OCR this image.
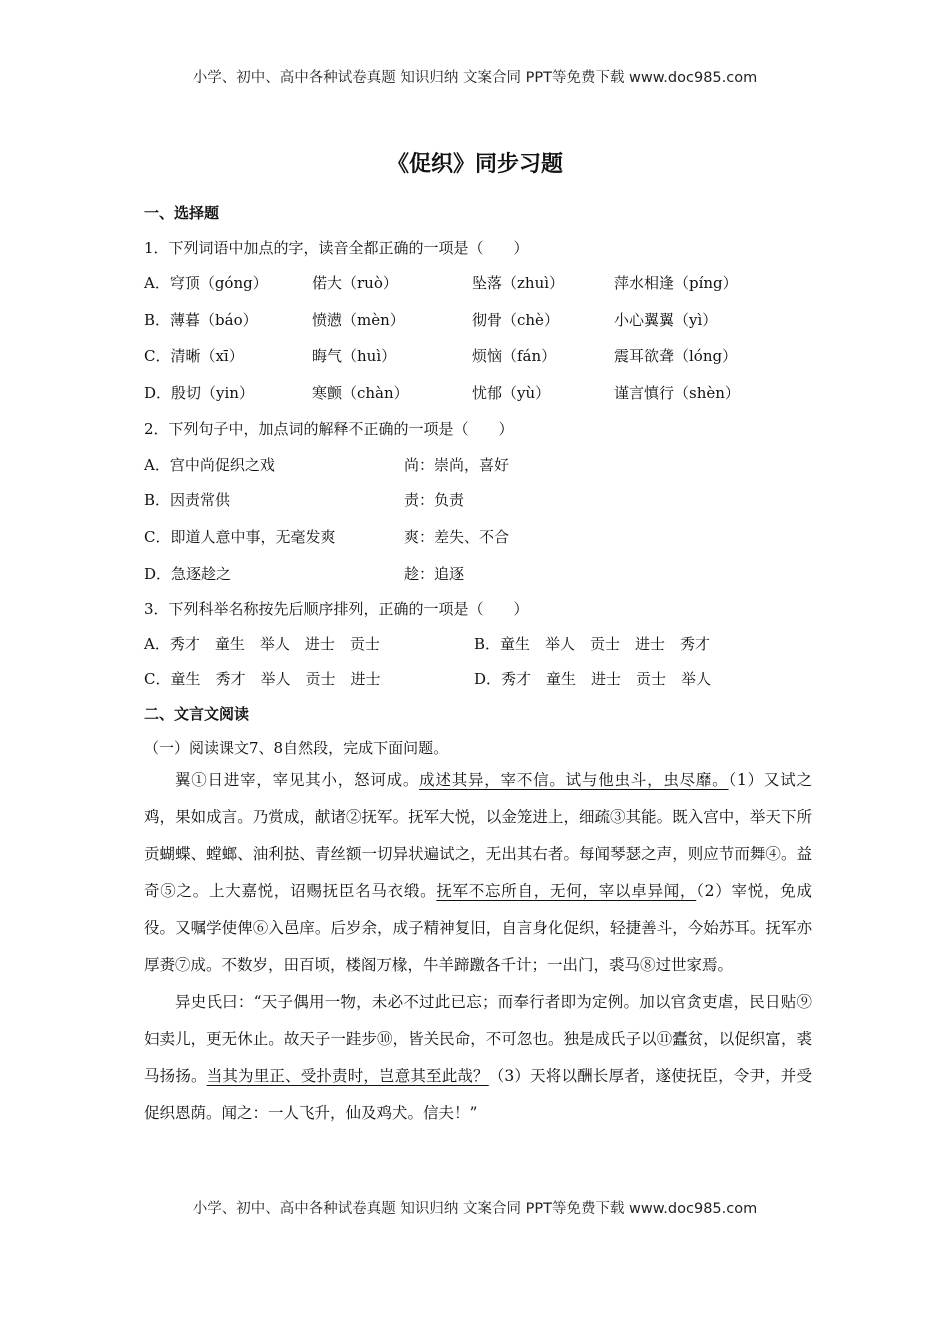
小学、初中、高中各种试卷真题 知识归纳 文案合同 PPT等免费下载 www.doc985.com
《促织》同步习题
一、选择题
1．下列词语中加点的字，读音全都正确的一项是（　　）
A．穹顶（góng）	偌大（ruò）	坠落（zhuì）	萍水相逢（píng）
B．薄暮（báo）	愤懑（mèn）	彻骨（chè）	小心翼翼（yì）
C．清晰（xī）	晦气（huì）	烦恼（fán）	震耳欲聋（lóng）
D．殷切（yin）	寒颤（chàn）	忧郁（yù）	谨言慎行（shèn）
2．下列句子中，加点词的解释不正确的一项是（　　）
A．宫中尚促织之戏	尚：崇尚，喜好
B．因责常供	责：负责
C．即道人意中事，无毫发爽	爽：差失、不合
D．急逐趁之	趁：追逐
3．下列科举名称按先后顺序排列，正确的一项是（　　）
A．秀才　童生　举人　进士　贡士	B．童生　举人　贡士　进士　秀才
C．童生　秀才　举人　贡士　进士	D．秀才　童生　进士　贡士　举人
二、文言文阅读
（一）阅读课文7、8自然段，完成下面问题。

翼①日进宰，宰见其小，怒诃成。成述其异，宰不信。试与他虫斗，虫尽靡。（1）又试之鸡，果如成言。乃赏成，献诸②抚军。抚军大悦，以金笼进上，细疏③其能。既入宫中，举天下所贡蝴蝶、螳螂、油利挞、青丝额一切异状遍试之，无出其右者。每闻琴瑟之声，则应节而舞④。益奇⑤之。上大嘉悦，诏赐抚臣名马衣缎。抚军不忘所自，无何，宰以卓异闻，（2）宰悦，免成役。又嘱学使俾⑥入邑庠。后岁余，成子精神复旧，自言身化促织，轻捷善斗，今始苏耳。抚军亦厚赉⑦成。不数岁，田百顷，楼阁万椽，牛羊蹄躈各千计；一出门，裘马⑧过世家焉。

异史氏曰：“天子偶用一物，未必不过此已忘；而奉行者即为定例。加以官贪吏虐，民日贴⑨妇卖儿，更无休止。故天子一跬步⑩，皆关民命，不可忽也。独是成氏子以⑪蠹贫，以促织富，裘马扬扬。当其为里正、受扑责时，岂意其至此哉？（3）天将以酬长厚者，遂使抚臣，令尹，并受促织恩荫。闻之：一人飞升，仙及鸡犬。信夫！”

小学、初中、高中各种试卷真题 知识归纳 文案合同 PPT等免费下载 www.doc985.com
